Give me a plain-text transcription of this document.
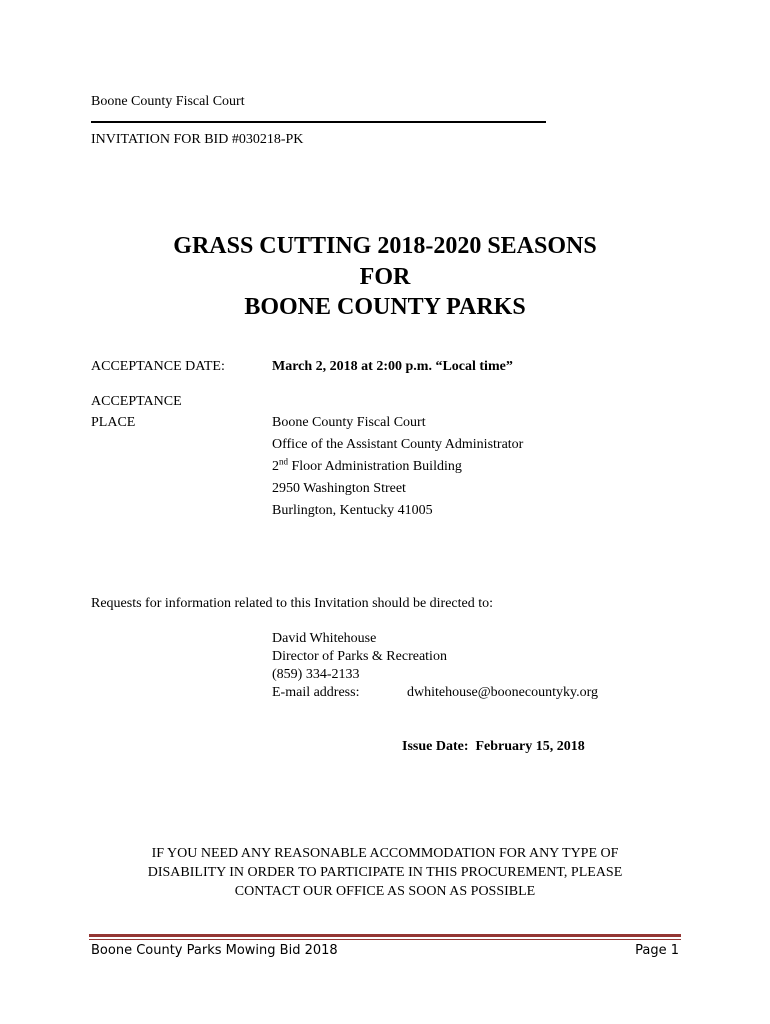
Boone County Fiscal Court
INVITATION FOR BID #030218-PK
GRASS CUTTING 2018-2020 SEASONS
FOR
BOONE COUNTY PARKS
ACCEPTANCE DATE:	March 2, 2018 at 2:00 p.m. “Local time”
ACCEPTANCE
PLACE	Boone County Fiscal Court
Office of the Assistant County Administrator
2nd Floor Administration Building
2950 Washington Street
Burlington, Kentucky 41005
Requests for information related to this Invitation should be directed to:
David Whitehouse
Director of Parks & Recreation
(859) 334-2133
E-mail address:	dwhitehouse@boonecountyky.org
Issue Date: February 15, 2018
IF YOU NEED ANY REASONABLE ACCOMMODATION FOR ANY TYPE OF
DISABILITY IN ORDER TO PARTICIPATE IN THIS PROCUREMENT, PLEASE
CONTACT OUR OFFICE AS SOON AS POSSIBLE
Boone County Parks Mowing Bid 2018	Page 1
